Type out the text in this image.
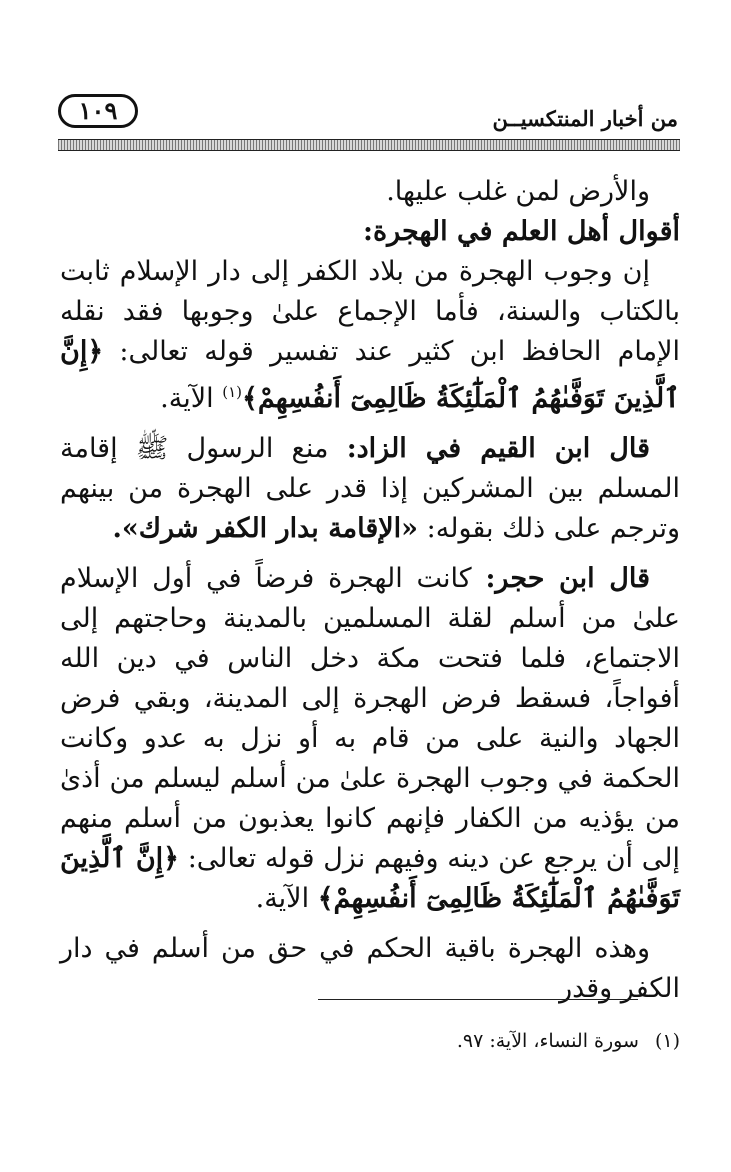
١٠٩	من أخبار المنتكسيــن

والأرض لمن غلب عليها.

أقوال أهل العلم في الهجرة:

إن وجوب الهجرة من بلاد الكفر إلى دار الإسلام ثابت بالكتاب والسنة، فأما الإجماع علىٰ وجوبها فقد نقله الإمام الحافظ ابن كثير عند تفسير قوله تعالى: ﴿إِنَّ ٱلَّذِينَ تَوَفَّىٰهُمُ ٱلْمَلَٰٓئِكَةُ ظَالِمِىٓ أَنفُسِهِمْ﴾$^{(١)}$ الآية.

قال ابن القيم في الزاد: منع الرسول ﷺ إقامة المسلم بين المشركين إذا قدر على الهجرة من بينهم وترجم على ذلك بقوله: «الإقامة بدار الكفر شرك».

قال ابن حجر: كانت الهجرة فرضاً في أول الإسلام علىٰ من أسلم لقلة المسلمين بالمدينة وحاجتهم إلى الاجتماع، فلما فتحت مكة دخل الناس في دين الله أفواجاً، فسقط فرض الهجرة إلى المدينة، وبقي فرض الجهاد والنية على من قام به أو نزل به عدو وكانت الحكمة في وجوب الهجرة علىٰ من أسلم ليسلم من أذىٰ من يؤذيه من الكفار فإنهم كانوا يعذبون من أسلم منهم إلى أن يرجع عن دينه وفيهم نزل قوله تعالى: ﴿إِنَّ ٱلَّذِينَ تَوَفَّىٰهُمُ ٱلْمَلَٰٓئِكَةُ ظَالِمِىٓ أَنفُسِهِمْ﴾ الآية.

وهذه الهجرة باقية الحكم في حق من أسلم في دار الكفر وقدر

(١) سورة النساء، الآية: ٩٧.
